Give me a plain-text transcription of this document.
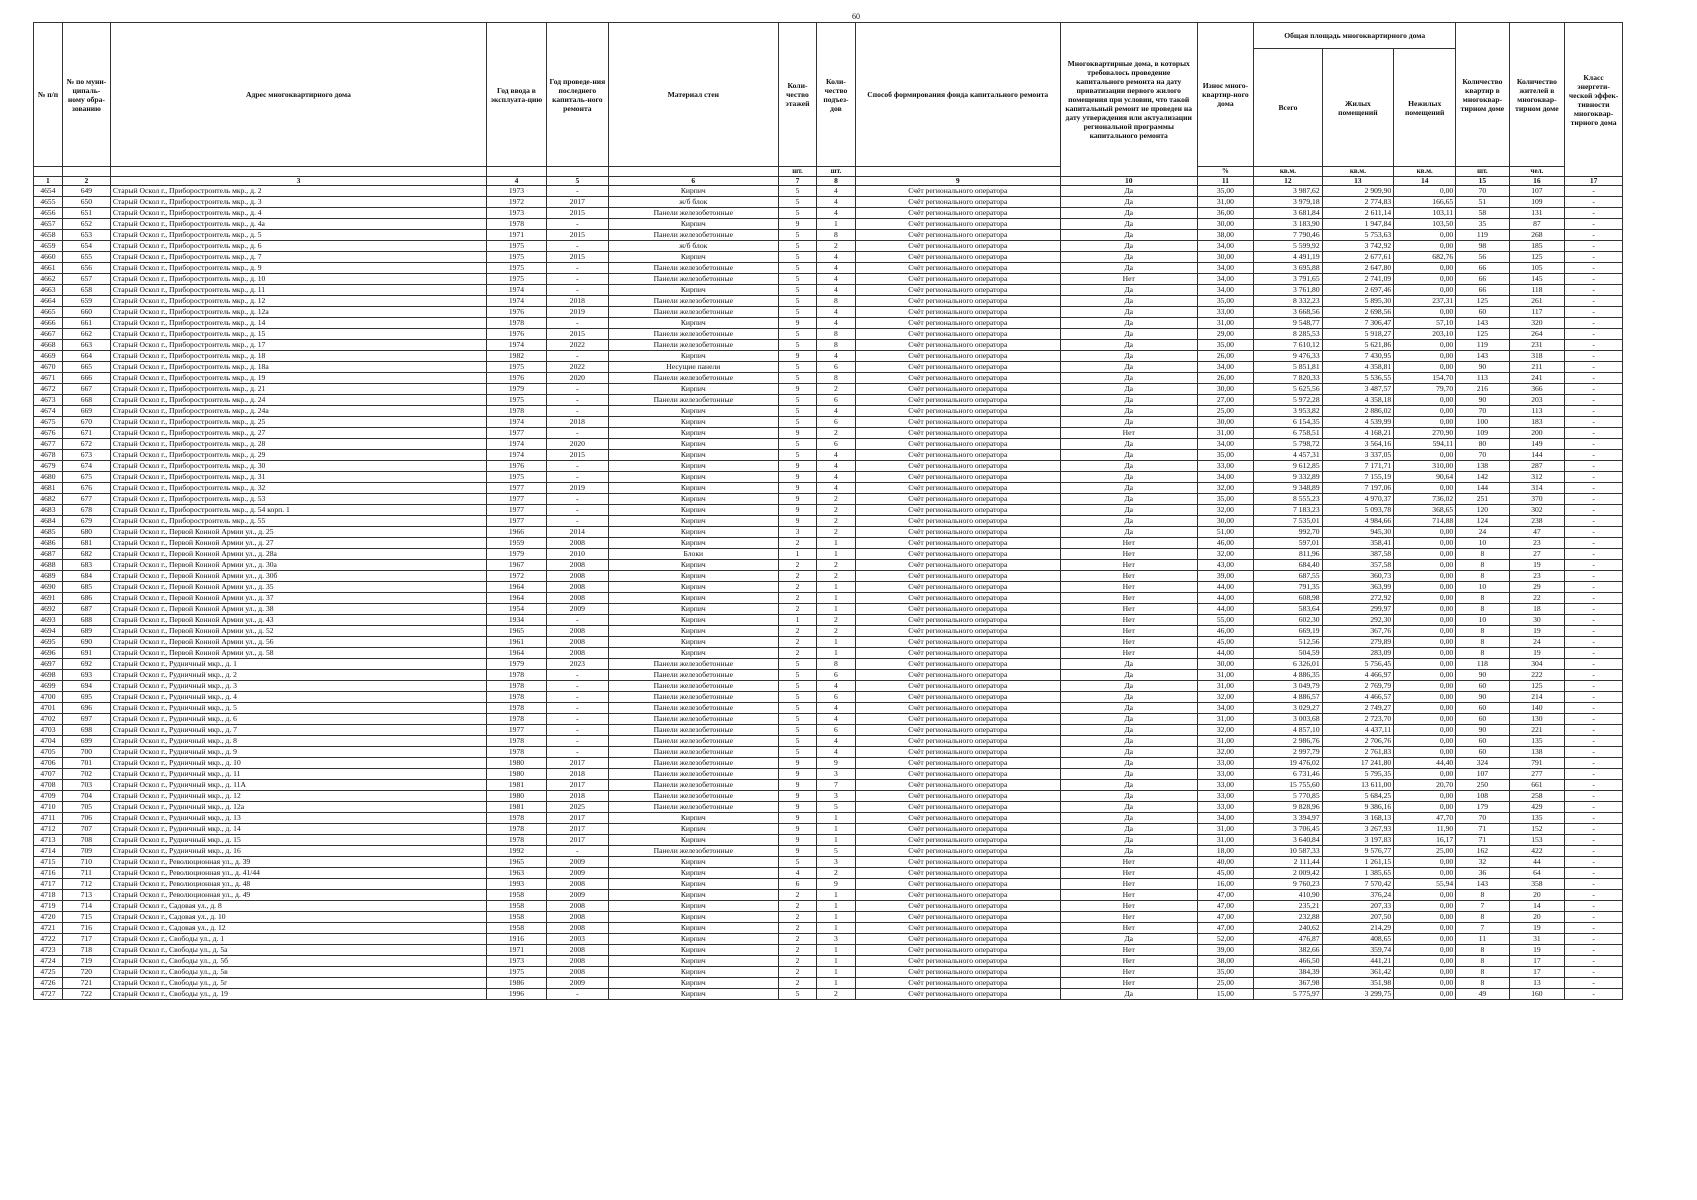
60
№ п/п	№ по муни-ципаль-ному обра-зованию	Адрес многоквартирного дома	Год ввода в эксплуата-цию	Год проведе-ния последнего капиталь-ного ремонта	Материал стен	Коли-чество этажей	Коли-чество подъез-дов	Способ формирования фонда капитального ремонта	Многоквартирные дома, в которых требовалось проведение капитального ремонта на дату приватизации первого жилого помещения при условии, что такой капитальный ремонт не проведен на дату утверждения или актуализации региональной программы капитального ремонта	Износ много-квартир-ного дома	Общая площадь многоквартирного дома			Количество квартир в многоквар-тирном доме	Количество жителей в многоквар-тирном доме	Класс энергети-ческой эффек-тивности многоквар-тирного дома
											Всего	Жилых помещений	Нежилых помещений			
						шт.	шт.			%	кв.м.	кв.м.	кв.м.	шт.	чел.	
1	2	3	4	5	6	7	8	9	10	11	12	13	14	15	16	17
4654	649	Старый Оскол г., Приборостроитель мкр., д. 2	1973	-	Кирпич	5	4	Счёт регионального оператора	Да	35,00	3 987,62	2 909,90	0,00	70	107	-
4655	650	Старый Оскол г., Приборостроитель мкр., д. 3	1972	2017	ж/б блок	5	4	Счёт регионального оператора	Да	31,00	3 979,18	2 774,83	166,65	51	109	-
4656	651	Старый Оскол г., Приборостроитель мкр., д. 4	1973	2015	Панели железобетонные	5	4	Счёт регионального оператора	Да	36,00	3 681,84	2 611,14	103,11	58	131	-
4657	652	Старый Оскол г., Приборостроитель мкр., д. 4а	1978	-	Кирпич	9	1	Счёт регионального оператора	Да	30,00	3 183,90	1 947,84	103,50	35	87	-
4658	653	Старый Оскол г., Приборостроитель мкр., д. 5	1971	2015	Панели железобетонные	5	8	Счёт регионального оператора	Да	38,00	7 790,46	5 753,63	0,00	119	268	-
4659	654	Старый Оскол г., Приборостроитель мкр., д. 6	1975	-	ж/б блок	5	2	Счёт регионального оператора	Да	34,00	5 599,92	3 742,92	0,00	98	185	-
4660	655	Старый Оскол г., Приборостроитель мкр., д. 7	1975	2015	Кирпич	5	4	Счёт регионального оператора	Да	30,00	4 491,19	2 677,61	682,76	56	125	-
4661	656	Старый Оскол г., Приборостроитель мкр., д. 9	1975	-	Панели железобетонные	5	4	Счёт регионального оператора	Да	34,00	3 695,88	2 647,80	0,00	66	105	-
4662	657	Старый Оскол г., Приборостроитель мкр., д. 10	1975	-	Панели железобетонные	5	4	Счёт регионального оператора	Нет	34,00	3 791,65	2 741,09	0,00	66	145	-
4663	658	Старый Оскол г., Приборостроитель мкр., д. 11	1974	-	Кирпич	5	4	Счёт регионального оператора	Да	34,00	3 761,80	2 697,46	0,00	66	118	-
4664	659	Старый Оскол г., Приборостроитель мкр., д. 12	1974	2018	Панели железобетонные	5	8	Счёт регионального оператора	Да	35,00	8 332,23	5 895,30	237,31	125	261	-
4665	660	Старый Оскол г., Приборостроитель мкр., д. 12а	1976	2019	Панели железобетонные	5	4	Счёт регионального оператора	Да	33,00	3 668,56	2 698,56	0,00	60	117	-
4666	661	Старый Оскол г., Приборостроитель мкр., д. 14	1978	-	Кирпич	9	4	Счёт регионального оператора	Да	31,00	9 548,77	7 306,47	57,10	143	320	-
4667	662	Старый Оскол г., Приборостроитель мкр., д. 15	1976	2015	Панели железобетонные	5	8	Счёт регионального оператора	Да	29,00	8 285,53	5 918,27	203,10	125	264	-
4668	663	Старый Оскол г., Приборостроитель мкр., д. 17	1974	2022	Панели железобетонные	5	8	Счёт регионального оператора	Да	35,00	7 610,12	5 621,86	0,00	119	231	-
4669	664	Старый Оскол г., Приборостроитель мкр., д. 18	1982	-	Кирпич	9	4	Счёт регионального оператора	Да	26,00	9 476,33	7 430,95	0,00	143	318	-
4670	665	Старый Оскол г., Приборостроитель мкр., д. 18а	1975	2022	Несущие панели	5	6	Счёт регионального оператора	Да	34,00	5 851,81	4 358,81	0,00	90	211	-
4671	666	Старый Оскол г., Приборостроитель мкр., д. 19	1976	2020	Панели железобетонные	5	8	Счёт регионального оператора	Да	26,00	7 820,33	5 536,55	154,70	113	241	-
4672	667	Старый Оскол г., Приборостроитель мкр., д. 21	1979	-	Кирпич	9	2	Счёт регионального оператора	Да	30,00	5 625,56	3 487,57	79,70	216	366	-
4673	668	Старый Оскол г., Приборостроитель мкр., д. 24	1975	-	Панели железобетонные	5	6	Счёт регионального оператора	Да	27,00	5 972,28	4 358,18	0,00	90	203	-
4674	669	Старый Оскол г., Приборостроитель мкр., д. 24а	1978	-	Кирпич	5	4	Счёт регионального оператора	Да	25,00	3 953,82	2 886,02	0,00	70	113	-
4675	670	Старый Оскол г., Приборостроитель мкр., д. 25	1974	2018	Кирпич	5	6	Счёт регионального оператора	Да	30,00	6 154,35	4 539,99	0,00	100	183	-
4676	671	Старый Оскол г., Приборостроитель мкр., д. 27	1977	-	Кирпич	9	2	Счёт регионального оператора	Нет	31,00	6 758,51	4 168,21	270,90	109	200	-
4677	672	Старый Оскол г., Приборостроитель мкр., д. 28	1974	2020	Кирпич	5	6	Счёт регионального оператора	Да	34,00	5 798,72	3 564,16	594,11	80	149	-
4678	673	Старый Оскол г., Приборостроитель мкр., д. 29	1974	2015	Кирпич	5	4	Счёт регионального оператора	Да	35,00	4 457,31	3 337,05	0,00	70	144	-
4679	674	Старый Оскол г., Приборостроитель мкр., д. 30	1976	-	Кирпич	9	4	Счёт регионального оператора	Да	33,00	9 612,85	7 171,71	310,00	138	287	-
4680	675	Старый Оскол г., Приборостроитель мкр., д. 31	1975	-	Кирпич	9	4	Счёт регионального оператора	Да	34,00	9 332,89	7 155,19	90,64	142	312	-
4681	676	Старый Оскол г., Приборостроитель мкр., д. 32	1977	2019	Кирпич	9	4	Счёт регионального оператора	Да	32,00	9 348,89	7 197,06	0,00	144	314	-
4682	677	Старый Оскол г., Приборостроитель мкр., д. 53	1977	-	Кирпич	9	2	Счёт регионального оператора	Да	35,00	8 555,23	4 970,37	736,02	251	370	-
4683	678	Старый Оскол г., Приборостроитель мкр., д. 54 корп. 1	1977	-	Кирпич	9	2	Счёт регионального оператора	Да	32,00	7 183,23	5 093,78	368,65	120	302	-
4684	679	Старый Оскол г., Приборостроитель мкр., д. 55	1977	-	Кирпич	9	2	Счёт регионального оператора	Да	30,00	7 535,01	4 984,66	714,88	124	238	-
4685	680	Старый Оскол г., Первой Конной Армии ул., д. 25	1966	2014	Кирпич	3	2	Счёт регионального оператора	Да	51,00	992,70	945,30	0,00	24	47	-
4686	681	Старый Оскол г., Первой Конной Армии ул., д. 27	1959	2008	Кирпич	2	1	Счёт регионального оператора	Нет	46,00	597,01	358,41	0,00	10	23	-
4687	682	Старый Оскол г., Первой Конной Армии ул., д. 28а	1979	2010	Блоки	1	1	Счёт регионального оператора	Нет	32,00	811,96	387,58	0,00	8	27	-
4688	683	Старый Оскол г., Первой Конной Армии ул., д. 30а	1967	2008	Кирпич	2	2	Счёт регионального оператора	Нет	43,00	684,40	357,58	0,00	8	19	-
4689	684	Старый Оскол г., Первой Конной Армии ул., д. 30б	1972	2008	Кирпич	2	2	Счёт регионального оператора	Нет	39,00	687,55	360,73	0,00	8	23	-
4690	685	Старый Оскол г., Первой Конной Армии ул., д. 35	1964	2008	Кирпич	2	1	Счёт регионального оператора	Нет	44,00	791,35	363,99	0,00	10	29	-
4691	686	Старый Оскол г., Первой Конной Армии ул., д. 37	1964	2008	Кирпич	2	1	Счёт регионального оператора	Нет	44,00	608,98	272,92	0,00	8	22	-
4692	687	Старый Оскол г., Первой Конной Армии ул., д. 38	1954	2009	Кирпич	2	1	Счёт регионального оператора	Нет	44,00	583,64	299,97	0,00	8	18	-
4693	688	Старый Оскол г., Первой Конной Армии ул., д. 43	1934	-	Кирпич	1	2	Счёт регионального оператора	Нет	55,00	602,30	292,30	0,00	10	30	-
4694	689	Старый Оскол г., Первой Конной Армии ул., д. 52	1965	2008	Кирпич	2	2	Счёт регионального оператора	Нет	46,00	669,19	367,76	0,00	8	19	-
4695	690	Старый Оскол г., Первой Конной Армии ул., д. 56	1961	2008	Кирпич	2	1	Счёт регионального оператора	Нет	45,00	512,56	279,89	0,00	8	24	-
4696	691	Старый Оскол г., Первой Конной Армии ул., д. 58	1964	2008	Кирпич	2	1	Счёт регионального оператора	Нет	44,00	504,59	283,09	0,00	8	19	-
4697	692	Старый Оскол г., Рудничный мкр., д. 1	1979	2023	Панели железобетонные	5	8	Счёт регионального оператора	Да	30,00	6 326,01	5 756,45	0,00	118	304	-
4698	693	Старый Оскол г., Рудничный мкр., д. 2	1978	-	Панели железобетонные	5	6	Счёт регионального оператора	Да	31,00	4 886,35	4 466,97	0,00	90	222	-
4699	694	Старый Оскол г., Рудничный мкр., д. 3	1978	-	Панели железобетонные	5	4	Счёт регионального оператора	Да	31,00	3 049,79	2 769,79	0,00	60	125	-
4700	695	Старый Оскол г., Рудничный мкр., д. 4	1978	-	Панели железобетонные	5	6	Счёт регионального оператора	Да	32,00	4 886,57	4 466,57	0,00	90	214	-
4701	696	Старый Оскол г., Рудничный мкр., д. 5	1978	-	Панели железобетонные	5	4	Счёт регионального оператора	Да	34,00	3 029,27	2 749,27	0,00	60	140	-
4702	697	Старый Оскол г., Рудничный мкр., д. 6	1978	-	Панели железобетонные	5	4	Счёт регионального оператора	Да	31,00	3 003,68	2 723,70	0,00	60	130	-
4703	698	Старый Оскол г., Рудничный мкр., д. 7	1977	-	Панели железобетонные	5	6	Счёт регионального оператора	Да	32,00	4 857,10	4 437,11	0,00	90	221	-
4704	699	Старый Оскол г., Рудничный мкр., д. 8	1978	-	Панели железобетонные	5	4	Счёт регионального оператора	Да	31,00	2 986,76	2 706,76	0,00	60	135	-
4705	700	Старый Оскол г., Рудничный мкр., д. 9	1978	-	Панели железобетонные	5	4	Счёт регионального оператора	Да	32,00	2 997,79	2 761,83	0,00	60	138	-
4706	701	Старый Оскол г., Рудничный мкр., д. 10	1980	2017	Панели железобетонные	9	9	Счёт регионального оператора	Да	33,00	19 476,02	17 241,80	44,40	324	791	-
4707	702	Старый Оскол г., Рудничный мкр., д. 11	1980	2018	Панели железобетонные	9	3	Счёт регионального оператора	Да	33,00	6 731,46	5 795,35	0,00	107	277	-
4708	703	Старый Оскол г., Рудничный мкр., д. 11А	1981	2017	Панели железобетонные	9	7	Счёт регионального оператора	Да	33,00	15 755,60	13 611,00	20,70	250	661	-
4709	704	Старый Оскол г., Рудничный мкр., д. 12	1980	2018	Панели железобетонные	9	3	Счёт регионального оператора	Да	33,00	5 770,85	5 684,25	0,00	108	258	-
4710	705	Старый Оскол г., Рудничный мкр., д. 12а	1981	2025	Панели железобетонные	9	5	Счёт регионального оператора	Да	33,00	9 828,96	9 386,16	0,00	179	429	-
4711	706	Старый Оскол г., Рудничный мкр., д. 13	1978	2017	Кирпич	9	1	Счёт регионального оператора	Да	34,00	3 394,97	3 168,13	47,70	70	135	-
4712	707	Старый Оскол г., Рудничный мкр., д. 14	1978	2017	Кирпич	9	1	Счёт регионального оператора	Да	31,00	3 706,45	3 267,93	11,90	71	152	-
4713	708	Старый Оскол г., Рудничный мкр., д. 15	1978	2017	Кирпич	9	1	Счёт регионального оператора	Да	31,00	3 640,84	3 197,83	16,17	71	153	-
4714	709	Старый Оскол г., Рудничный мкр., д. 16	1992	-	Панели железобетонные	9	5	Счёт регионального оператора	Да	18,00	10 587,33	9 576,77	25,00	162	422	-
4715	710	Старый Оскол г., Революционная ул., д. 39	1965	2009	Кирпич	5	3	Счёт регионального оператора	Нет	40,00	2 111,44	1 261,15	0,00	32	44	-
4716	711	Старый Оскол г., Революционная ул., д. 41/44	1963	2009	Кирпич	4	2	Счёт регионального оператора	Нет	45,00	2 009,42	1 385,65	0,00	36	64	-
4717	712	Старый Оскол г., Революционная ул., д. 48	1993	2008	Кирпич	6	9	Счёт регионального оператора	Нет	16,00	9 760,23	7 570,42	55,94	143	358	-
4718	713	Старый Оскол г., Революционная ул., д. 49	1958	2009	Кирпич	2	1	Счёт регионального оператора	Нет	47,00	410,90	376,24	0,00	8	20	-
4719	714	Старый Оскол г., Садовая ул., д. 8	1958	2008	Кирпич	2	1	Счёт регионального оператора	Нет	47,00	235,21	207,33	0,00	7	14	-
4720	715	Старый Оскол г., Садовая ул., д. 10	1958	2008	Кирпич	2	1	Счёт регионального оператора	Нет	47,00	232,88	207,50	0,00	8	20	-
4721	716	Старый Оскол г., Садовая ул., д. 12	1958	2008	Кирпич	2	1	Счёт регионального оператора	Нет	47,00	240,62	214,29	0,00	7	19	-
4722	717	Старый Оскол г., Свободы ул., д. 1	1916	2003	Кирпич	2	3	Счёт регионального оператора	Да	52,00	476,87	408,65	0,00	11	31	-
4723	718	Старый Оскол г., Свободы ул., д. 5а	1971	2008	Кирпич	2	1	Счёт регионального оператора	Нет	39,00	382,66	359,74	0,00	8	19	-
4724	719	Старый Оскол г., Свободы ул., д. 5б	1973	2008	Кирпич	2	1	Счёт регионального оператора	Нет	38,00	466,50	441,21	0,00	8	17	-
4725	720	Старый Оскол г., Свободы ул., д. 5в	1975	2008	Кирпич	2	1	Счёт регионального оператора	Нет	35,00	384,39	361,42	0,00	8	17	-
4726	721	Старый Оскол г., Свободы ул., д. 5г	1986	2009	Кирпич	2	1	Счёт регионального оператора	Нет	25,00	367,98	351,98	0,00	8	13	-
4727	722	Старый Оскол г., Свободы ул., д. 19	1996	-	Кирпич	5	2	Счёт регионального оператора	Да	15,00	5 775,97	3 299,75	0,00	49	160	-
